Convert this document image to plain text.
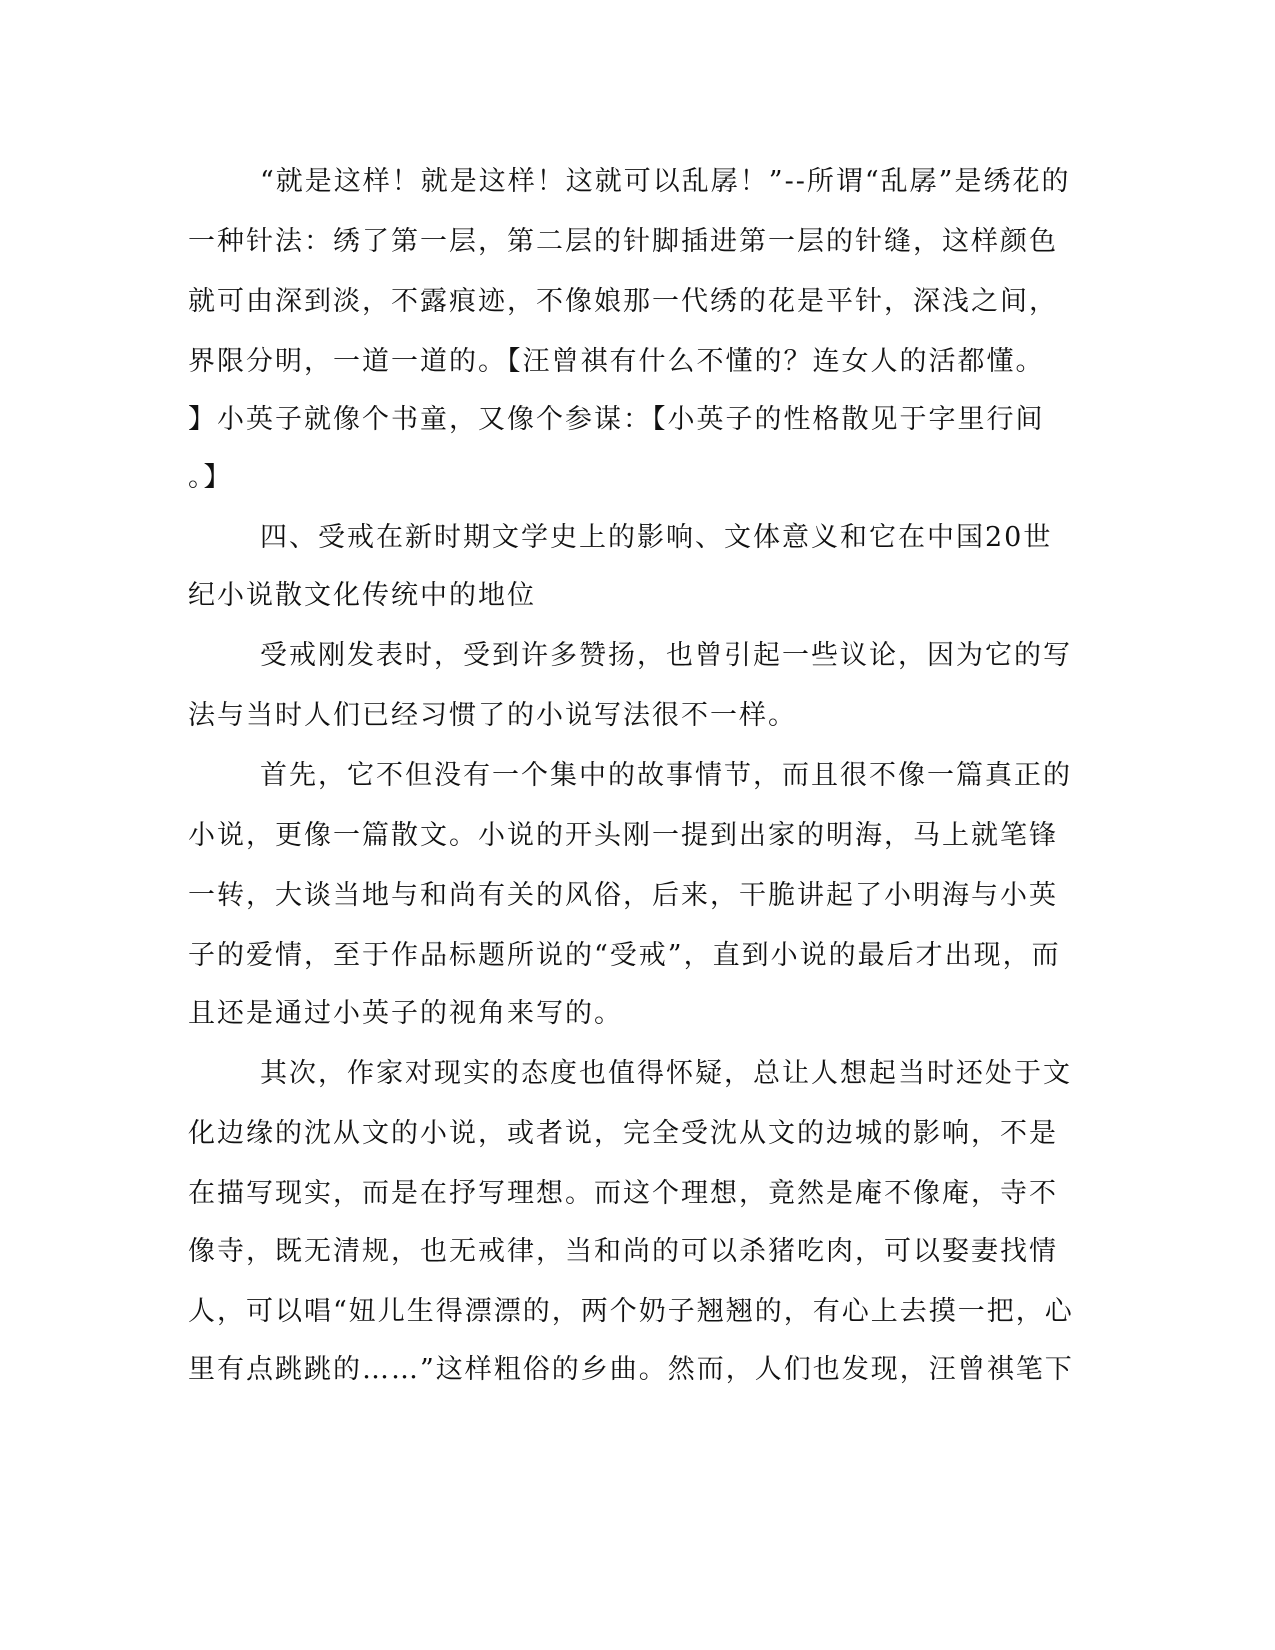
“就是这样！就是这样！这就可以乱孱！”--所谓“乱孱”是绣花的
一种针法：绣了第一层，第二层的针脚插进第一层的针缝，这样颜色
就可由深到淡，不露痕迹，不像娘那一代绣的花是平针，深浅之间，
界限分明，一道一道的。【汪曾祺有什么不懂的？连女人的活都懂。
】小英子就像个书童，又像个参谋：【小英子的性格散见于字里行间
。】
四、受戒在新时期文学史上的影响、文体意义和它在中国20世
纪小说散文化传统中的地位
受戒刚发表时，受到许多赞扬，也曾引起一些议论，因为它的写
法与当时人们已经习惯了的小说写法很不一样。
首先，它不但没有一个集中的故事情节，而且很不像一篇真正的
小说，更像一篇散文。小说的开头刚一提到出家的明海，马上就笔锋
一转，大谈当地与和尚有关的风俗，后来，干脆讲起了小明海与小英
子的爱情，至于作品标题所说的“受戒”，直到小说的最后才出现，而
且还是通过小英子的视角来写的。
其次，作家对现实的态度也值得怀疑，总让人想起当时还处于文
化边缘的沈从文的小说，或者说，完全受沈从文的边城的影响，不是
在描写现实，而是在抒写理想。而这个理想，竟然是庵不像庵，寺不
像寺，既无清规，也无戒律，当和尚的可以杀猪吃肉，可以娶妻找情
人，可以唱“妞儿生得漂漂的，两个奶子翘翘的，有心上去摸一把，心
里有点跳跳的……”这样粗俗的乡曲。然而，人们也发现，汪曾祺笔下
